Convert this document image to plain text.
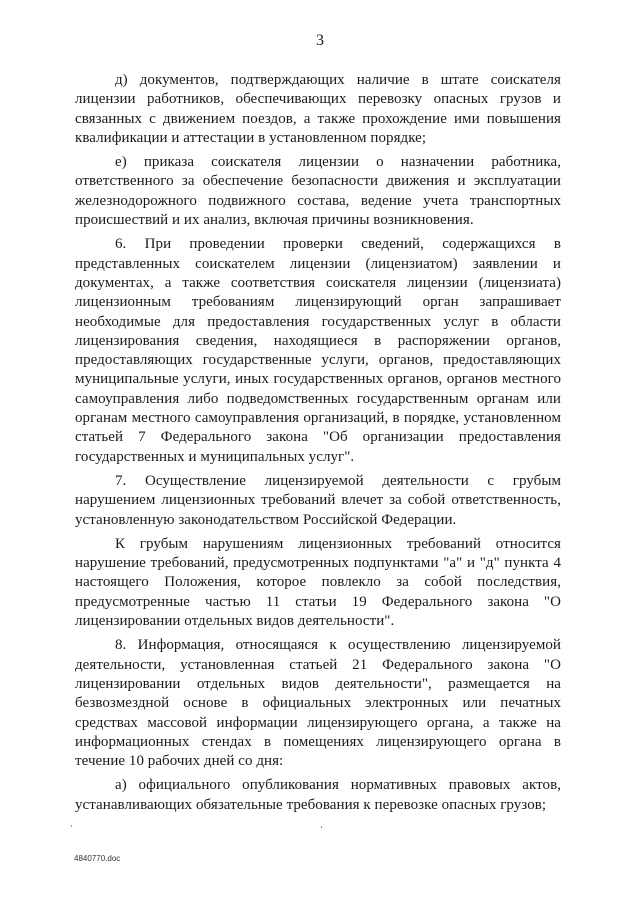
3

д) документов, подтверждающих наличие в штате соискателя лицензии работников, обеспечивающих перевозку опасных грузов и связанных с движением поездов, а также прохождение ими повышения квалификации и аттестации в установленном порядке;

е) приказа соискателя лицензии о назначении работника, ответственного за обеспечение безопасности движения и эксплуатации железнодорожного подвижного состава, ведение учета транспортных происшествий и их анализ, включая причины возникновения.

6. При проведении проверки сведений, содержащихся в представленных соискателем лицензии (лицензиатом) заявлении и документах, а также соответствия соискателя лицензии (лицензиата) лицензионным требованиям лицензирующий орган запрашивает необходимые для предоставления государственных услуг в области лицензирования сведения, находящиеся в распоряжении органов, предоставляющих государственные услуги, органов, предоставляющих муниципальные услуги, иных государственных органов, органов местного самоуправления либо подведомственных государственным органам или органам местного самоуправления организаций, в порядке, установленном статьей 7 Федерального закона "Об организации предоставления государственных и муниципальных услуг".

7. Осуществление лицензируемой деятельности с грубым нарушением лицензионных требований влечет за собой ответственность, установленную законодательством Российской Федерации.

К грубым нарушениям лицензионных требований относится нарушение требований, предусмотренных подпунктами "а" и "д" пункта 4 настоящего Положения, которое повлекло за собой последствия, предусмотренные частью 11 статьи 19 Федерального закона "О лицензировании отдельных видов деятельности".

8. Информация, относящаяся к осуществлению лицензируемой деятельности, установленная статьей 21 Федерального закона "О лицензировании отдельных видов деятельности", размещается на безвозмездной основе в официальных электронных или печатных средствах массовой информации лицензирующего органа, а также на информационных стендах в помещениях лицензирующего органа в течение 10 рабочих дней со дня:

а) официального опубликования нормативных правовых актов, устанавливающих обязательные требования к перевозке опасных грузов;

4840770.doc
